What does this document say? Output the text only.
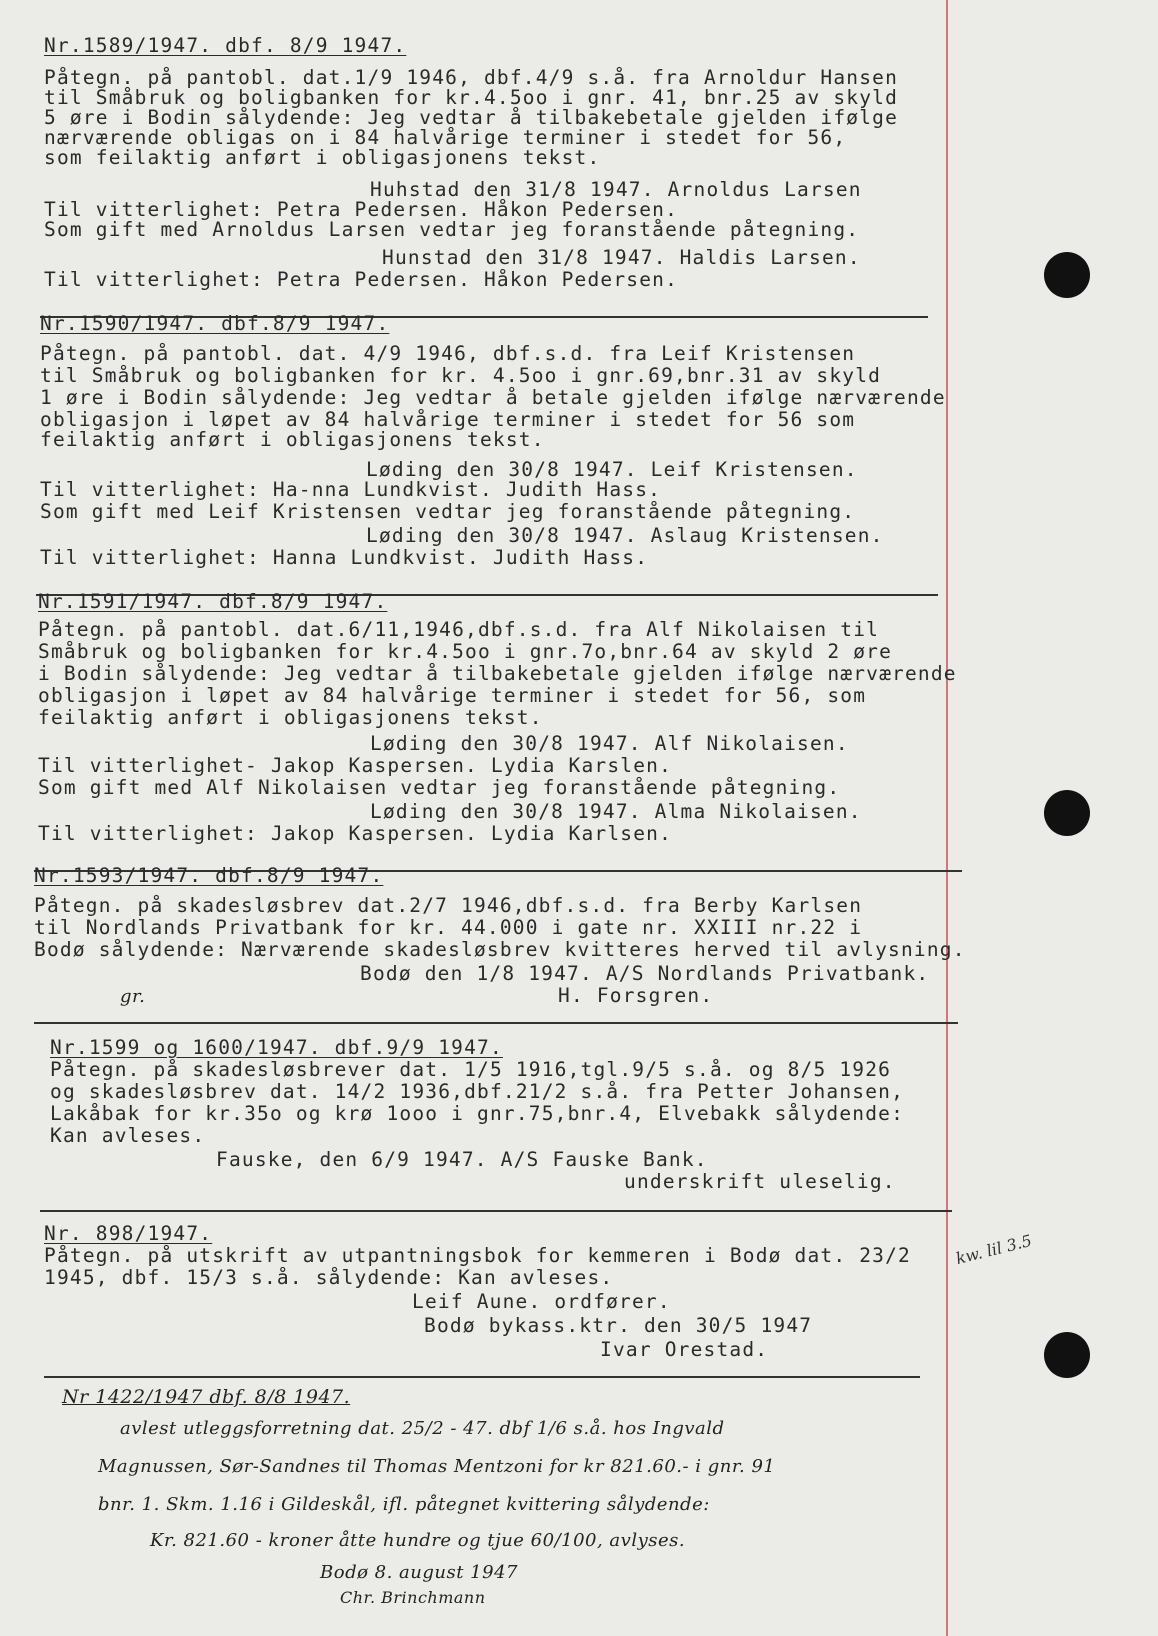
Nr.1589/1947. dbf. 8/9 1947.
Påtegn. på pantobl. dat.1/9 1946, dbf.4/9 s.å. fra Arnoldur Hansen
til Småbruk og boligbanken for kr.4.5oo i gnr. 41, bnr.25 av skyld
5 øre i Bodin sålydende: Jeg vedtar å tilbakebetale gjelden ifølge
nærværende obligas on i 84 halvårige terminer i stedet for 56,
som feilaktig anført i obligasjonens tekst.
Huhstad den 31/8 1947. Arnoldus Larsen
Til vitterlighet: Petra Pedersen. Håkon Pedersen.
Som gift med Arnoldus Larsen vedtar jeg foranstående påtegning.
Hunstad den 31/8 1947. Haldis Larsen.
Til vitterlighet: Petra Pedersen. Håkon Pedersen.
Nr.1590/1947. dbf.8/9 1947.
Påtegn. på pantobl. dat. 4/9 1946, dbf.s.d. fra Leif Kristensen
til Småbruk og boligbanken for kr. 4.5oo i gnr.69,bnr.31 av skyld
1 øre i Bodin sålydende: Jeg vedtar å betale gjelden ifølge nærværende
obligasjon i løpet av 84 halvårige terminer i stedet for 56 som
feilaktig anført i obligasjonens tekst.
Løding den 30/8 1947. Leif Kristensen.
Til vitterlighet: Ha-nna Lundkvist. Judith Hass.
Som gift med Leif Kristensen vedtar jeg foranstående påtegning.
Løding den 30/8 1947. Aslaug Kristensen.
Til vitterlighet: Hanna Lundkvist. Judith Hass.
Nr.1591/1947. dbf.8/9 1947.
Påtegn. på pantobl. dat.6/11,1946,dbf.s.d. fra Alf Nikolaisen til
Småbruk og boligbanken for kr.4.5oo i gnr.7o,bnr.64 av skyld 2 øre
i Bodin sålydende: Jeg vedtar å tilbakebetale gjelden ifølge nærværende
obligasjon i løpet av 84 halvårige terminer i stedet for 56, som
feilaktig anført i obligasjonens tekst.
Løding den 30/8 1947. Alf Nikolaisen.
Til vitterlighet- Jakop Kaspersen. Lydia Karslen.
Som gift med Alf Nikolaisen vedtar jeg foranstående påtegning.
Løding den 30/8 1947. Alma Nikolaisen.
Til vitterlighet: Jakop Kaspersen. Lydia Karlsen.
Nr.1593/1947. dbf.8/9 1947.
Påtegn. på skadesløsbrev dat.2/7 1946,dbf.s.d. fra Berby Karlsen
til Nordlands Privatbank for kr. 44.000 i gate nr. XXIII nr.22 i
Bodø sålydende: Nærværende skadesløsbrev kvitteres herved til avlysning.
Bodø den 1/8 1947. A/S Nordlands Privatbank.
H. Forsgren.
gr.
Nr.1599 og 1600/1947. dbf.9/9 1947.
Påtegn. på skadesløsbrever dat. 1/5 1916,tgl.9/5 s.å. og 8/5 1926
og skadesløsbrev dat. 14/2 1936,dbf.21/2 s.å. fra Petter Johansen,
Lakåbak for kr.35o og krø 1ooo i gnr.75,bnr.4, Elvebakk sålydende:
Kan avleses.
Fauske, den 6/9 1947. A/S Fauske Bank.
underskrift uleselig.
Nr. 898/1947.
Påtegn. på utskrift av utpantningsbok for kemmeren i Bodø dat. 23/2
1945, dbf. 15/3 s.å. sålydende: Kan avleses.
Leif Aune. ordfører.
Bodø bykass.ktr. den 30/5 1947
Ivar Orestad.
kw. lil 3.5
Nr 1422/1947 dbf. 8/8 1947.
avlest utleggsforretning dat. 25/2 - 47. dbf 1/6 s.å. hos Ingvald
Magnussen, Sør-Sandnes til Thomas Mentzoni for kr 821.60.- i gnr. 91
bnr. 1. Skm. 1.16 i Gildeskål, ifl. påtegnet kvittering sålydende:
Kr. 821.60 - kroner åtte hundre og tjue 60/100, avlyses.
Bodø 8. august 1947
Chr. Brinchmann
